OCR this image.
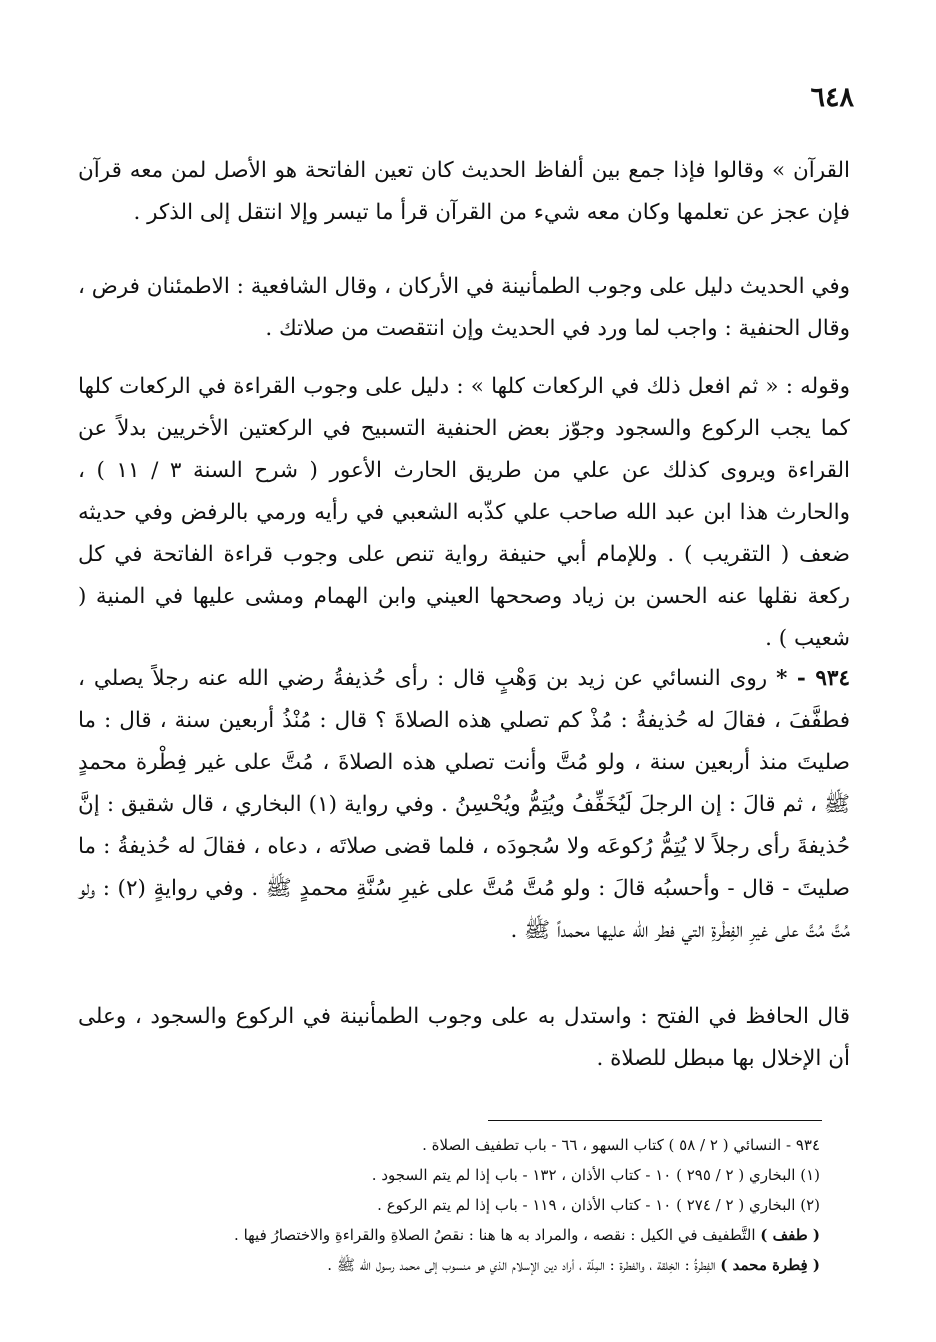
٦٤٨

القرآن » وقالوا فإذا جمع بين ألفاظ الحديث كان تعين الفاتحة هو الأصل لمن معه قرآن فإن عجز عن تعلمها وكان معه شيء من القرآن قرأ ما تيسر وإلا انتقل إلى الذكر .

وفي الحديث دليل على وجوب الطمأنينة في الأركان ، وقال الشافعية : الاطمئنان فرض ، وقال الحنفية : واجب لما ورد في الحديث وإن انتقصت من صلاتك .

وقوله : « ثم افعل ذلك في الركعات كلها » : دليل على وجوب القراءة في الركعات كلها كما يجب الركوع والسجود وجوّز بعض الحنفية التسبيح في الركعتين الأخريين بدلاً عن القراءة ويروى كذلك عن علي من طريق الحارث الأعور ( شرح السنة ٣ / ١١ ) ، والحارث هذا ابن عبد الله صاحب علي كذّبه الشعبي في رأيه ورمي بالرفض وفي حديثه ضعف ( التقريب ) . وللإمام أبي حنيفة رواية تنص على وجوب قراءة الفاتحة في كل ركعة نقلها عنه الحسن بن زياد وصححها العيني وابن الهمام ومشى عليها في المنية ( شعيب ) .

٩٣٤ - * روى النسائي عن زيد بن وَهْبٍ قال : رأى حُذيفةُ رضي الله عنه رجلاً يصلي ، فطفَّفَ ، فقالَ له حُذيفةُ : مُذْ كم تصلي هذه الصلاةَ ؟ قال : مُنْذُ أربعين سنة ، قال : ما صليتَ منذ أربعين سنة ، ولو مُتَّ وأنت تصلي هذه الصلاةَ ، مُتَّ على غير فِطْرة محمدٍ ﷺ ، ثم قالَ : إن الرجلَ لَيُخَفِّفُ ويُتِمُّ ويُحْسِنُ . وفي رواية (١) البخاري ، قال شقيق : إنَّ حُذيفةَ رأى رجلاً لا يُتِمُّ رُكوعَه ولا سُجودَه ، فلما قضى صلاتَه ، دعاه ، فقالَ له حُذيفةُ : ما صليتَ - قال - وأحسبُه قالَ : ولو مُتَّ مُتَّ على غيرِ سُنَّةِ محمدٍ ﷺ . وفي روايةٍ (٢) : ولو مُتَّ مُتَّ على غيرِ الفِطْرةِ التي فطر الله عليها محمداً ﷺ .

قال الحافظ في الفتح : واستدل به على وجوب الطمأنينة في الركوع والسجود ، وعلى أن الإخلال بها مبطل للصلاة .

٩٣٤ - النسائي ( ٢ / ٥٨ ) كتاب السهو ، ٦٦ - باب تطفيف الصلاة .

(١) البخاري ( ٢ / ٢٩٥ ) ١٠ - كتاب الأذان ، ١٣٢ - باب إذا لم يتم السجود .

(٢) البخاري ( ٢ / ٢٧٤ ) ١٠ - كتاب الأذان ، ١١٩ - باب إذا لم يتم الركوع .

( طفف ) التَّطفيف في الكيل : نقصه ، والمراد به ها هنا : نقصُ الصلاةِ والقراءةِ والاختصارُ فيها .

( فِطرة محمد ) الفِطرةُ : الخِلقة ، والفطرة : المِلّة ، أراد دين الإسلام الذي هو منسوب إلى محمد رسول الله ﷺ .
